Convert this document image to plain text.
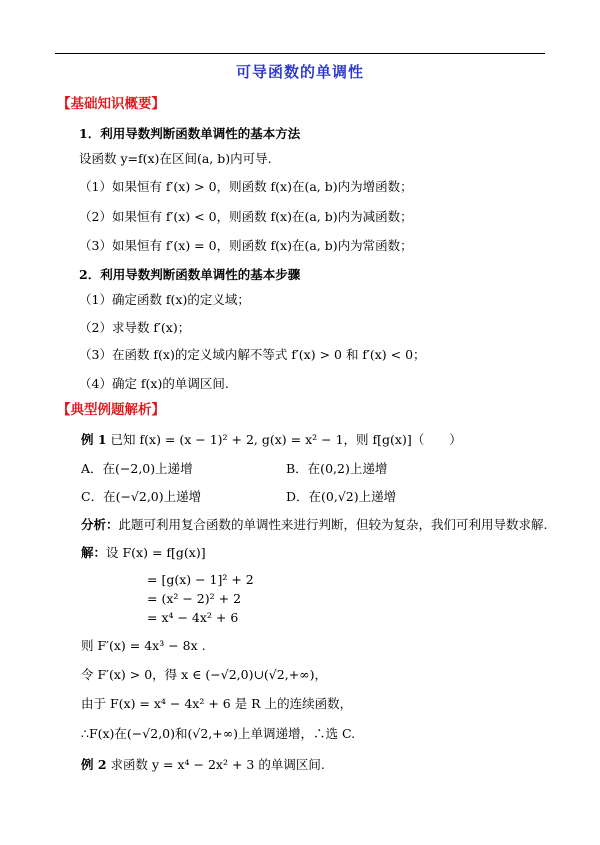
可导函数的单调性
【基础知识概要】
1．利用导数判断函数单调性的基本方法
设函数 y=f(x)在区间(a, b)内可导.
（1）如果恒有 f′(x) > 0，则函数 f(x)在(a, b)内为增函数；
（2）如果恒有 f′(x) < 0，则函数 f(x)在(a, b)内为减函数；
（3）如果恒有 f′(x) = 0，则函数 f(x)在(a, b)内为常函数；
2．利用导数判断函数单调性的基本步骤
（1）确定函数 f(x)的定义域；
（2）求导数 f′(x)；
（3）在函数 f(x)的定义域内解不等式 f′(x) > 0 和 f′(x) < 0；
（4）确定 f(x)的单调区间.
【典型例题解析】
例 1 已知 f(x) = (x − 1)² + 2, g(x) = x² − 1，则 f[g(x)]（　　）
A．在(−2,0)上递增	B．在(0,2)上递增
C．在(−√2,0)上递增	D．在(0,√2)上递增
分析：此题可利用复合函数的单调性来进行判断，但较为复杂，我们可利用导数求解.
解：设 F(x) = f[g(x)]
= [g(x) − 1]² + 2
= (x² − 2)² + 2
= x⁴ − 4x² + 6
则 F′(x) = 4x³ − 8x .
令 F′(x) > 0，得 x ∈ (−√2,0)∪(√2,+∞)，
由于 F(x) = x⁴ − 4x² + 6 是 R 上的连续函数，
∴F(x)在(−√2,0)和(√2,+∞)上单调递增，∴选 C.
例 2 求函数 y = x⁴ − 2x² + 3 的单调区间.
